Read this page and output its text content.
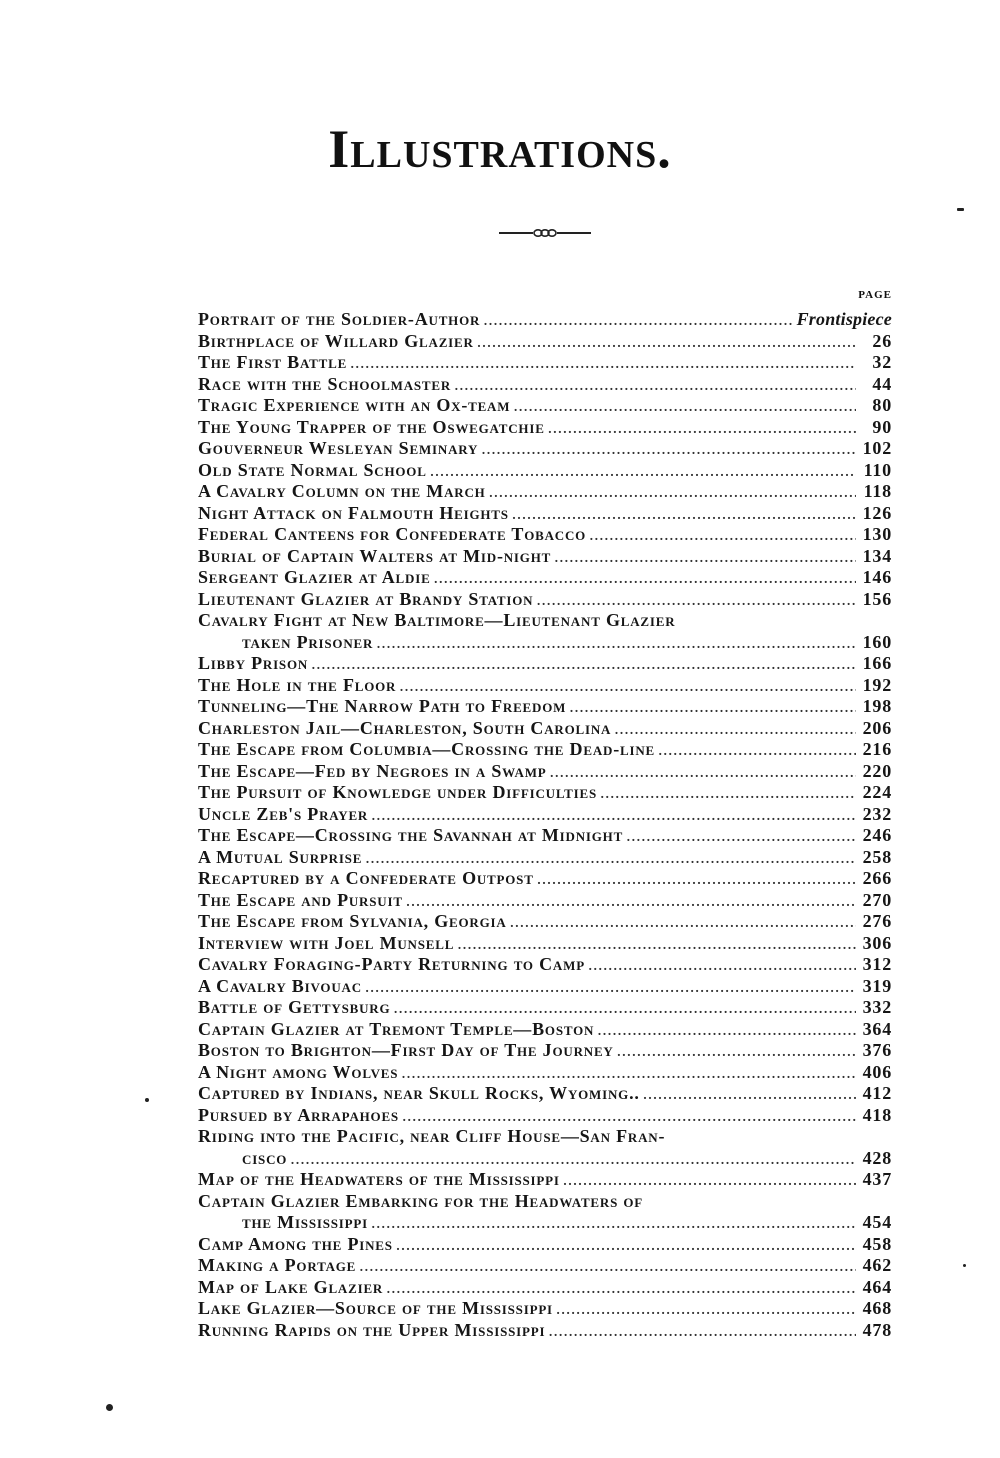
Illustrations.
PAGE
Portrait of the Soldier-Author . . .	Frontispiece
Birthplace of Willard Glazier . . .	26
The First Battle . . .	32
Race with the Schoolmaster . . .	44
Tragic Experience with an Ox-team . . .	80
The Young Trapper of the Oswegatchie . . .	90
Gouverneur Wesleyan Seminary . . .	102
Old State Normal School . . .	110
A Cavalry Column on the March . . .	118
Night Attack on Falmouth Heights . . .	126
Federal Canteens for Confederate Tobacco . . .	130
Burial of Captain Walters at Mid-night . . .	134
Sergeant Glazier at Aldie . . .	146
Lieutenant Glazier at Brandy Station . . .	156
Cavalry Fight at New Baltimore—Lieutenant Glazier
taken Prisoner . . .	160
Libby Prison . . .	166
The Hole in the Floor . . .	192
Tunneling—The Narrow Path to Freedom . . .	198
Charleston Jail—Charleston, South Carolina . . .	206
The Escape from Columbia—Crossing the Dead-line . . .	216
The Escape—Fed by Negroes in a Swamp . . .	220
The Pursuit of Knowledge under Difficulties . . .	224
Uncle Zeb's Prayer . . .	232
The Escape—Crossing the Savannah at Midnight . . .	246
A Mutual Surprise . . .	258
Recaptured by a Confederate Outpost . . .	266
The Escape and Pursuit . . .	270
The Escape from Sylvania, Georgia . . .	276
Interview with Joel Munsell . . .	306
Cavalry Foraging-Party Returning to Camp . . .	312
A Cavalry Bivouac . . .	319
Battle of Gettysburg . . .	332
Captain Glazier at Tremont Temple—Boston . . .	364
Boston to Brighton—First Day of The Journey . . .	376
A Night among Wolves . . .	406
Captured by Indians, near Skull Rocks, Wyoming.. . . .	412
Pursued by Arrapahoes . . .	418
Riding into the Pacific, near Cliff House—San Fran-
cisco . . .	428
Map of the Headwaters of the Mississippi . . .	437
Captain Glazier Embarking for the Headwaters of
the Mississippi . . .	454
Camp Among the Pines . . .	458
Making a Portage . . .	462
Map of Lake Glazier . . .	464
Lake Glazier—Source of the Mississippi . . .	468
Running Rapids on the Upper Mississippi . . .	478
